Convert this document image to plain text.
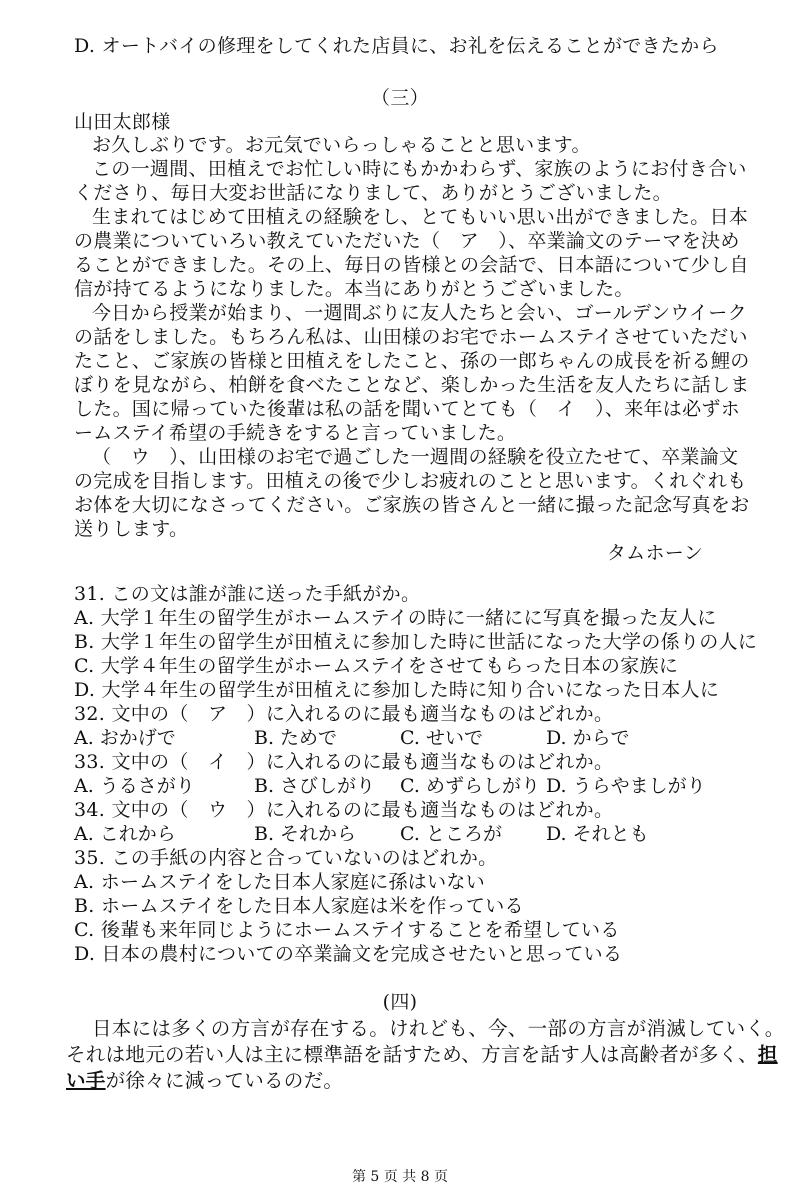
D. オートバイの修理をしてくれた店員に、お礼を伝えることができたから
（三）
山田太郎様
お久しぶりです。お元気でいらっしゃることと思います。
この一週間、田植えでお忙しい時にもかかわらず、家族のようにお付き合い
くださり、毎日大変お世話になりまして、ありがとうございました。
生まれてはじめて田植えの経験をし、とてもいい思い出ができました。日本
の農業についていろい教えていただいた（　ア　）、卒業論文のテーマを決め
ることができました。その上、毎日の皆様との会話で、日本語について少し自
信が持てるようになりました。本当にありがとうございました。
今日から授業が始まり、一週間ぶりに友人たちと会い、ゴールデンウイーク
の話をしました。もちろん私は、山田様のお宅でホームステイさせていただい
たこと、ご家族の皆様と田植えをしたこと、孫の一郎ちゃんの成長を祈る鯉の
ぼりを見ながら、柏餅を食べたことなど、楽しかった生活を友人たちに話しま
した。国に帰っていた後輩は私の話を聞いてとても（　イ　）、来年は必ずホ
ームステイ希望の手続きをすると言っていました。
（　ウ　）、山田様のお宅で過ごした一週間の経験を役立たせて、卒業論文
の完成を目指します。田植えの後で少しお疲れのことと思います。くれぐれも
お体を大切になさってください。ご家族の皆さんと一緒に撮った記念写真をお
送りします。
タムホーン
31. この文は誰が誰に送った手紙がか。
A. 大学１年生の留学生がホームステイの時に一緒にに写真を撮った友人に
B. 大学１年生の留学生が田植えに参加した時に世話になった大学の係りの人に
C. 大学４年生の留学生がホームステイをさせてもらった日本の家族に
D. 大学４年生の留学生が田植えに参加した時に知り合いになった日本人に
32. 文中の（　ア　）に入れるのに最も適当なものはどれか。
A. おかげで	B. ためで	C. せいで	D. からで
33. 文中の（　イ　）に入れるのに最も適当なものはどれか。
A. うるさがり	B. さびしがり C. めずらしがり D. うらやましがり
34. 文中の（　ウ　）に入れるのに最も適当なものはどれか。
A. これから	B. それから C. ところが D. それとも
35. この手紙の内容と合っていないのはどれか。
A. ホームステイをした日本人家庭に孫はいない
B. ホームステイをした日本人家庭は米を作っている
C. 後輩も来年同じようにホームステイすることを希望している
D. 日本の農村についての卒業論文を完成させたいと思っている
(四)
日本には多くの方言が存在する。けれども、今、一部の方言が消滅していく。
それは地元の若い人は主に標準語を話すため、方言を話す人は高齢者が多く、担
い手が徐々に減っているのだ。
第 5 页 共 8 页
